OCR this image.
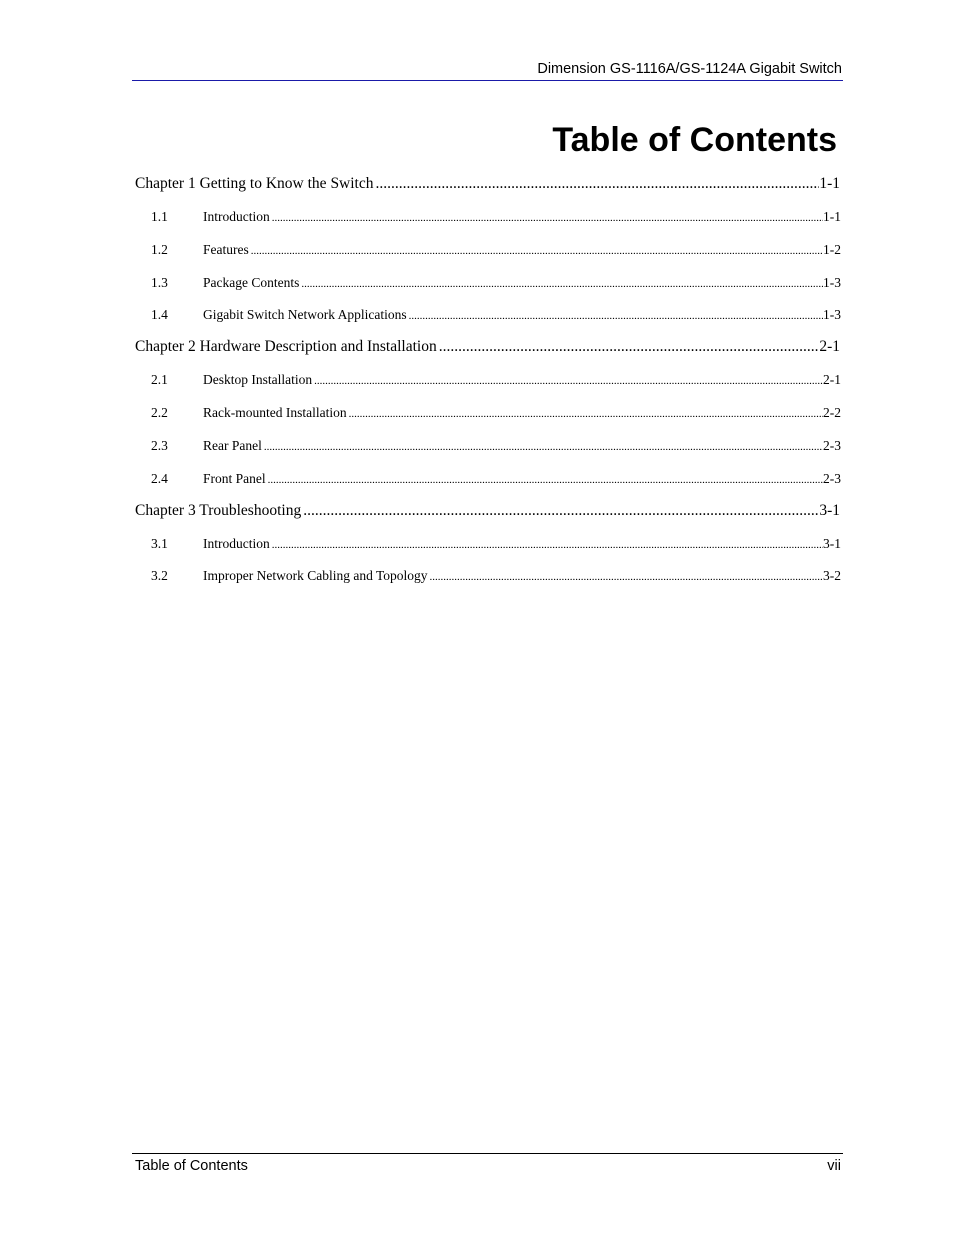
Dimension GS-1116A/GS-1124A Gigabit Switch
Table of Contents
Chapter 1 Getting to Know the Switch .....	1-1
1.1	Introduction .....	1-1
1.2	Features .....	1-2
1.3	Package Contents .....	1-3
1.4	Gigabit Switch Network Applications .....	1-3
Chapter 2 Hardware Description and Installation .....	2-1
2.1	Desktop Installation .....	2-1
2.2	Rack-mounted Installation .....	2-2
2.3	Rear Panel .....	2-3
2.4	Front Panel .....	2-3
Chapter 3 Troubleshooting .....	3-1
3.1	Introduction .....	3-1
3.2	Improper Network Cabling and Topology .....	3-2
Table of Contents	vii
